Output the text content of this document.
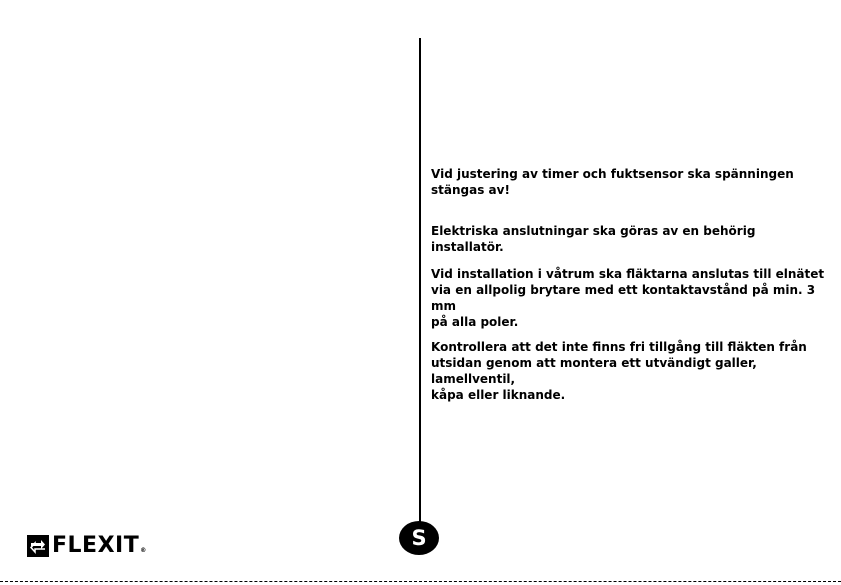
Vid justering av timer och fuktsensor ska spänningen
stängas av!

Elektriska anslutningar ska göras av en behörig installatör.

Vid installation i våtrum ska fläktarna anslutas till elnätet
via en allpolig brytare med ett kontaktavstånd på min. 3 mm
på alla poler.

Kontrollera att det inte finns fri tillgång till fläkten från
utsidan genom att montera ett utvändigt galler, lamellventil,
kåpa eller liknande.

FLEXIT ®
S
